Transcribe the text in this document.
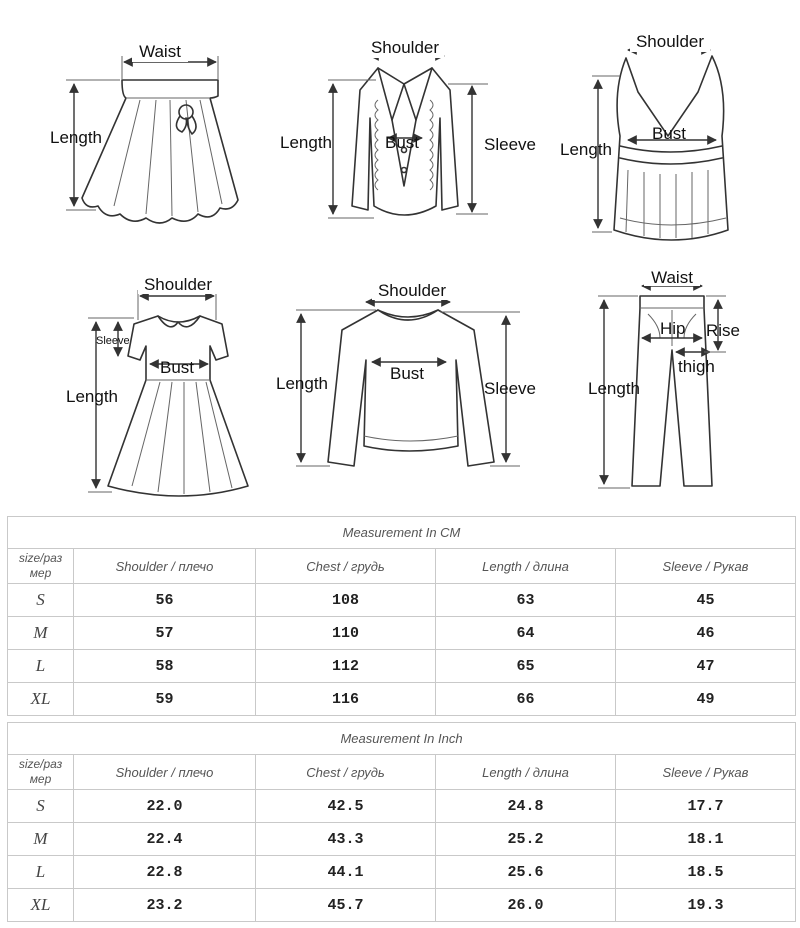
Waist
Length
Shoulder
Length	Bust	Sleeve
Shoulder
Length
Bust
Shoulder
Sleeve
Bust
Length
Shoulder
Length
Bust
Sleeve
Waist
Hip Rise
thigh
Length
Measurement In CM				
size/раз мер	Shoulder / плечо	Chest / грудь	Length / длина	Sleeve / Рукав
S	56	108	63	45
M	57	110	64	46
L	58	112	65	47
XL	59	116	66	49
Measurement In Inch				
size/раз мер	Shoulder / плечо	Chest / грудь	Length / длина	Sleeve / Рукав
S	22.0	42.5	24.8	17.7
M	22.4	43.3	25.2	18.1
L	22.8	44.1	25.6	18.5
XL	23.2	45.7	26.0	19.3
